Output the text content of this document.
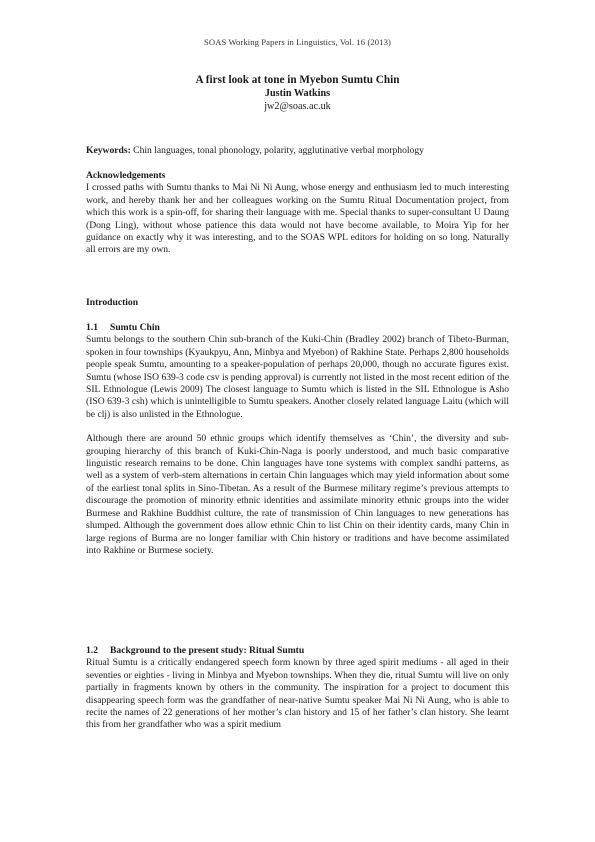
SOAS Working Papers in Linguistics, Vol. 16 (2013)
A first look at tone in Myebon Sumtu Chin
Justin Watkins
jw2@soas.ac.uk
Keywords: Chin languages, tonal phonology, polarity, agglutinative verbal morphology
Acknowledgements
I crossed paths with Sumtu thanks to Mai Ni Ni Aung, whose energy and enthusiasm led to much interesting work, and hereby thank her and her colleagues working on the Sumtu Ritual Documentation project, from which this work is a spin-off, for sharing their language with me. Special thanks to super-consultant U Daung (Dong Ling), without whose patience this data would not have become available, to Moira Yip for her guidance on exactly why it was interesting, and to the SOAS WPL editors for holding on so long. Naturally all errors are my own.
Introduction
1.1 Sumtu Chin
Sumtu belongs to the southern Chin sub-branch of the Kuki-Chin (Bradley 2002) branch of Tibeto-Burman, spoken in four townships (Kyaukpyu, Ann, Minbya and Myebon) of Rakhine State. Perhaps 2,800 households people speak Sumtu, amounting to a speaker-population of perhaps 20,000, though no accurate figures exist. Sumtu (whose ISO 639-3 code csv is pending approval) is currently not listed in the most recent edition of the SIL Ethnologue (Lewis 2009) The closest language to Sumtu which is listed in the SIL Ethnologue is Asho (ISO 639-3 csh) which is unintelligible to Sumtu speakers. Another closely related language Laitu (which will be clj) is also unlisted in the Ethnologue.
Although there are around 50 ethnic groups which identify themselves as ‘Chin’, the diversity and sub-grouping hierarchy of this branch of Kuki-Chin-Naga is poorly understood, and much basic comparative linguistic research remains to be done. Chin languages have tone systems with complex sandhi patterns, as well as a system of verb-stem alternations in certain Chin languages which may yield information about some of the earliest tonal splits in Sino-Tibetan. As a result of the Burmese military regime’s previous attempts to discourage the promotion of minority ethnic identities and assimilate minority ethnic groups into the wider Burmese and Rakhine Buddhist culture, the rate of transmission of Chin languages to new generations has slumped. Although the government does allow ethnic Chin to list Chin on their identity cards, many Chin in large regions of Burma are no longer familiar with Chin history or traditions and have become assimilated into Rakhine or Burmese society.
1.2 Background to the present study: Ritual Sumtu
Ritual Sumtu is a critically endangered speech form known by three aged spirit mediums - all aged in their seventies or eighties - living in Minbya and Myebon townships. When they die, ritual Sumtu will live on only partially in fragments known by others in the community. The inspiration for a project to document this disappearing speech form was the grandfather of near-native Sumtu speaker Mai Ni Ni Aung, who is able to recite the names of 22 generations of her mother’s clan history and 15 of her father’s clan history. She learnt this from her grandfather who was a spirit medium
